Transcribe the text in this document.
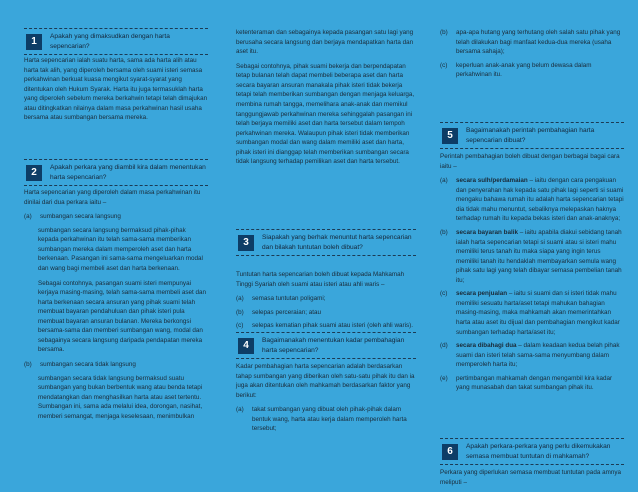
1	Apakah yang dimaksudkan dengan harta sepencarian?

Harta sepencarian ialah suatu harta, sama ada harta alih atau harta tak alih, yang diperoleh bersama oleh suami isteri semasa perkahwinan berkuat kuasa mengikut syarat-syarat yang ditentukan oleh Hukum Syarak. Harta itu juga termasuklah harta yang diperoleh sebelum mereka berkahwin tetapi telah dimajukan atau ditingkatkan nilainya dalam masa perkahwinan hasil usaha bersama atau sumbangan bersama mereka.

2	Apakah perkara yang diambil kira dalam menentukan harta sepencarian?

Harta sepencarian yang diperoleh dalam masa perkahwinan itu dinilai dari dua perkara iaitu –

(a)	sumbangan secara langsung

sumbangan secara langsung bermaksud pihak-pihak kepada perkahwinan itu telah sama-sama memberikan sumbangan mereka dalam memperoleh aset dan harta berkenaan. Pasangan ini sama-sama mengeluarkan modal dan wang bagi membeli aset dan harta berkenaan.

Sebagai contohnya, pasangan suami isteri mempunyai kerjaya masing-masing, telah sama-sama membeli aset dan harta berkenaan secara ansuran yang pihak suami telah membuat bayaran pendahuluan dan pihak isteri pula membuat bayaran ansuran bulanan. Mereka berkongsi bersama-sama dan memberi sumbangan wang, modal dan sebagainya secara langsung daripada pendapatan mereka bersama.

(b)	sumbangan secara tidak langsung

sumbangan secara tidak langsung bermaksud suatu sumbangan yang bukan berbentuk wang atau benda tetapi mendatangkan dan menghasilkan harta atau aset tertentu. Sumbangan ini, sama ada melalui idea, dorongan, nasihat, memberi semangat, menjaga keselesaan, menimbulkan

ketenteraman dan sebagainya kepada pasangan satu lagi yang berusaha secara langsung dan berjaya mendapatkan harta dan aset itu.

Sebagai contohnya, pihak suami bekerja dan berpendapatan tetap bulanan telah dapat membeli beberapa aset dan harta secara bayaran ansuran manakala pihak isteri tidak bekerja tetapi telah memberikan sumbangan dengan menjaga keluarga, membina rumah tangga, memelihara anak-anak dan memikul tanggungjawab perkahwinan mereka sehinggalah pasangan ini telah berjaya memiliki aset dan harta tersebut dalam tempoh perkahwinan mereka. Walaupun pihak isteri tidak memberikan sumbangan modal dan wang dalam memiliki aset dan harta, pihak isteri ini dianggap telah memberikan sumbangan secara tidak langsung terhadap pemilikan aset dan harta tersebut.

3	Siapakah yang berhak menuntut harta sepencarian dan bilakah tuntutan boleh dibuat?

Tuntutan harta sepencarian boleh dibuat kepada Mahkamah Tinggi Syariah oleh suami atau isteri atau ahli waris –

(a)	semasa tuntutan poligami;
(b)	selepas perceraian; atau
(c)	selepas kematian pihak suami atau isteri (oleh ahli waris).
4	Bagaimanakah menentukan kadar pembahagian harta sepencarian?

Kadar pembahagian harta sepencarian adalah berdasarkan tahap sumbangan yang diberikan oleh satu-satu pihak itu dan ia juga akan ditentukan oleh mahkamah berdasarkan faktor yang berikut:

(a)	takat sumbangan yang dibuat oleh pihak-pihak dalam bentuk wang, harta atau kerja dalam memperoleh harta tersebut;
(b)	apa-apa hutang yang terhutang oleh salah satu pihak yang telah dilakukan bagi manfaat kedua-dua mereka (usaha bersama sahaja);
(c)	keperluan anak-anak yang belum dewasa dalam perkahwinan itu.
5	Bagaimanakah perintah pembahagian harta sepencarian dibuat?

Perintah pembahagian boleh dibuat dengan berbagai bagai cara iaitu –

(a)	secara sulh/perdamaian – iaitu dengan cara pengakuan dan penyerahan hak kepada satu pihak lagi seperti si suami mengaku bahawa rumah itu adalah harta sepencarian tetapi dia tidak mahu menuntut, sebaliknya melepaskan haknya terhadap rumah itu kepada bekas isteri dan anak-anaknya;
(b)	secara bayaran balik – iaitu apabila diakui sebidang tanah ialah harta sepencarian tetapi si suami atau si isteri mahu memiliki terus tanah itu maka siapa yang ingin terus memiliki tanah itu hendaklah membayarkan semula wang pihak satu lagi yang telah dibayar semasa pembelian tanah itu;
(c)	secara penjualan – iaitu si suami dan si isteri tidak mahu memiliki sesuatu harta/aset tetapi mahukan bahagian masing-masing, maka mahkamah akan memerintahkan harta atau aset itu dijual dan pembahagian mengikut kadar sumbangan terhadap harta/aset itu;
(d)	secara dibahagi dua – dalam keadaan kedua belah pihak suami dan isteri telah sama-sama menyumbang dalam memperoleh harta itu;
(e)	pertimbangan mahkamah dengan mengambil kira kadar yang munasabah dan takat sumbangan pihak itu.
6	Apakah perkara-perkara yang perlu dikemukakan semasa membuat tuntutan di mahkamah?

Perkara yang diperlukan semasa membuat tuntutan pada amnya meliputi –
